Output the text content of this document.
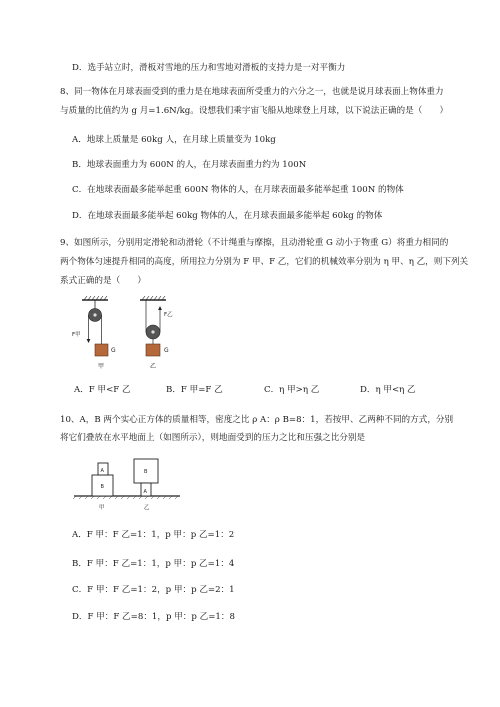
D．选手站立时，滑板对雪地的压力和雪地对滑板的支持力是一对平衡力
8、同一物体在月球表面受到的重力是在地球表面所受重力的六分之一，也就是说月球表面上物体重力
与质量的比值约为 g 月=1.6N/kg。设想我们乘宇宙飞船从地球登上月球，以下说法正确的是（　　）
A．地球上质量是 60kg 人，在月球上质量变为 10kg
B．地球表面重力为 600N 的人，在月球表面重力约为 100N
C．在地球表面最多能举起重 600N 物体的人，在月球表面最多能举起重 100N 的物体
D．在地球表面最多能举起 60kg 物体的人，在月球表面最多能举起 60kg 的物体
9、如图所示，分别用定滑轮和动滑轮（不计绳重与摩擦，且动滑轮重 G 动小于物重 G）将重力相同的
两个物体匀速提升相同的高度，所用拉力分别为 F 甲、F 乙，它们的机械效率分别为 η 甲、η 乙，则下列关
系式正确的是（　　）
F甲
G
甲
F乙
G
乙
A．F 甲<F 乙	B．F 甲=F 乙	C．η 甲>η 乙	D．η 甲<η 乙
10、A，B 两个实心正方体的质量相等，密度之比 ρ A：ρ B=8：1，若按甲、乙两种不同的方式，分别
将它们叠放在水平地面上（如图所示），则地面受到的压力之比和压强之比分别是
A
B
B
A
甲	乙
A．F 甲：F 乙=1：1，p 甲：p 乙=1：2
B．F 甲：F 乙=1：1，p 甲：p 乙=1：4
C．F 甲：F 乙=1：2，p 甲：p 乙=2：1
D．F 甲：F 乙=8：1，p 甲：p 乙=1：8
